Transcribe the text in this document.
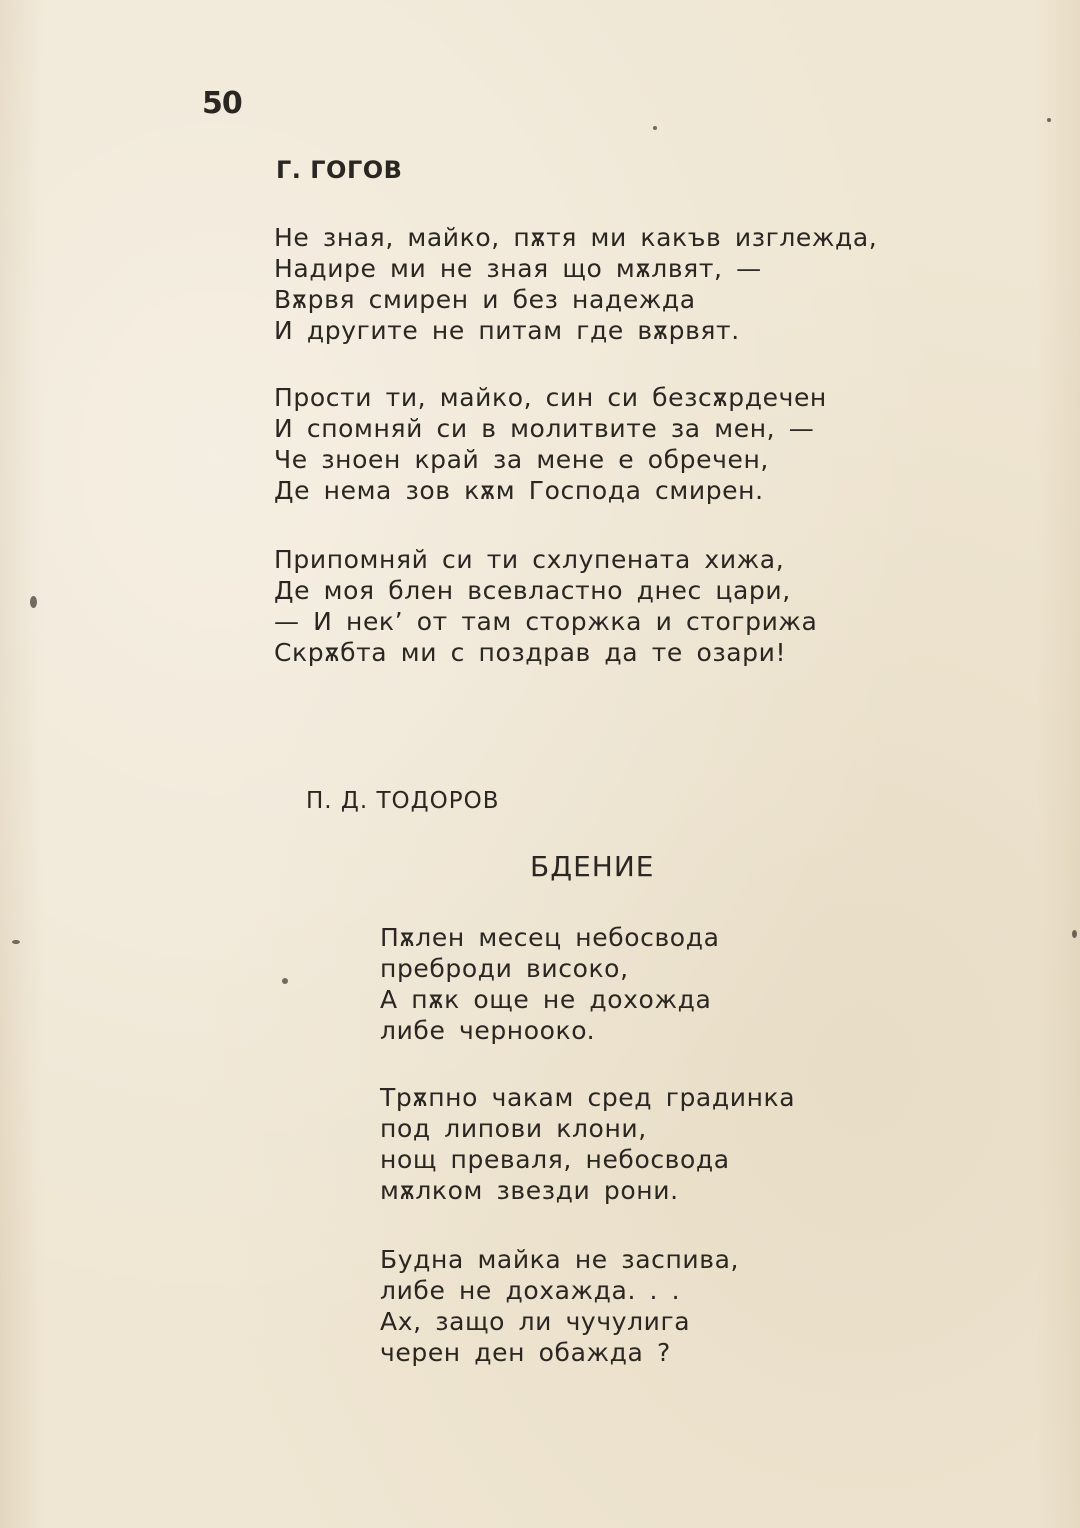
50
Г. ГОГОВ
Не зная, майко, пѫтя ми какъв изглежда,
Надире ми не зная що мѫлвят, —
Вѫрвя смирен и без надежда
И другите не питам где вѫрвят.
Прости ти, майко, син си безсѫрдечен
И спомняй си в молитвите за мен, —
Че зноен край за мене е обречен,
Де нема зов кѫм Господа смирен.
Припомняй си ти схлупената хижа,
Де моя блен всевластно днес цари,
— И нек’ от там сторжка и стогрижа
Скрѫбта ми с поздрав да те озари!
П. Д. ТОДОРОВ
БДЕНИЕ
Пѫлен месец небосвода
преброди високо,
А пѫк още не дохожда
либе черноокo.
Трѫпно чакам сред градинка
под липови клони,
нощ преваля, небосвода
мѫлком звезди рони.
Будна майка не заспива,
либе не дохажда. . .
Ах, защо ли чучулига
черен ден обажда ?
